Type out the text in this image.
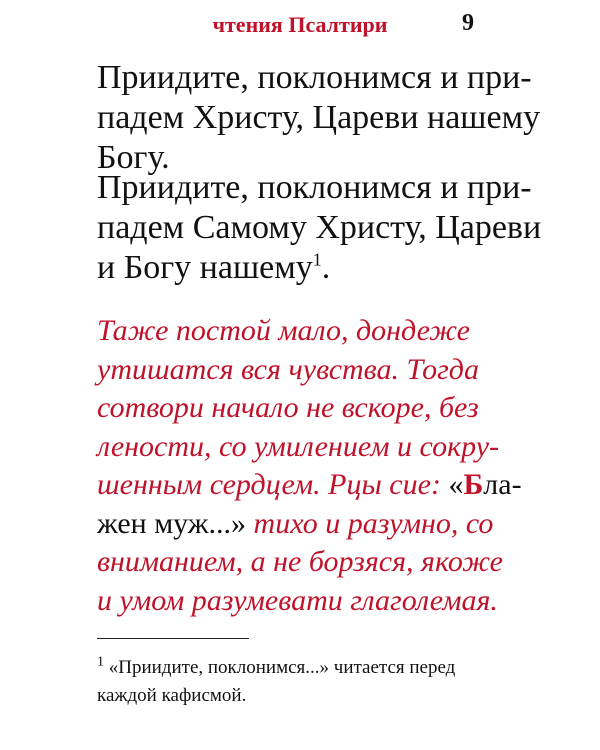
чтения Псалтири	9
Приидите, поклонимся и при-
падем Христу, Цареви нашему
Богу.
Приидите, поклонимся и при-
падем Самому Христу, Цареви
и Богу нашему$^1$.
Таже постой мало, дондеже
утишатся вся чувства. Тогда
сотвори начало не вскоре, без
лености, со умилением и сокру-
шенным сердцем. Рцы сие: «Бла-
жен муж...» тихо и разумно, со
вниманием, а не борзяся, якоже
и умом разумевати глаголемая.
$^1$ «Приидите, поклонимся...» читается перед
каждой кафисмой.
